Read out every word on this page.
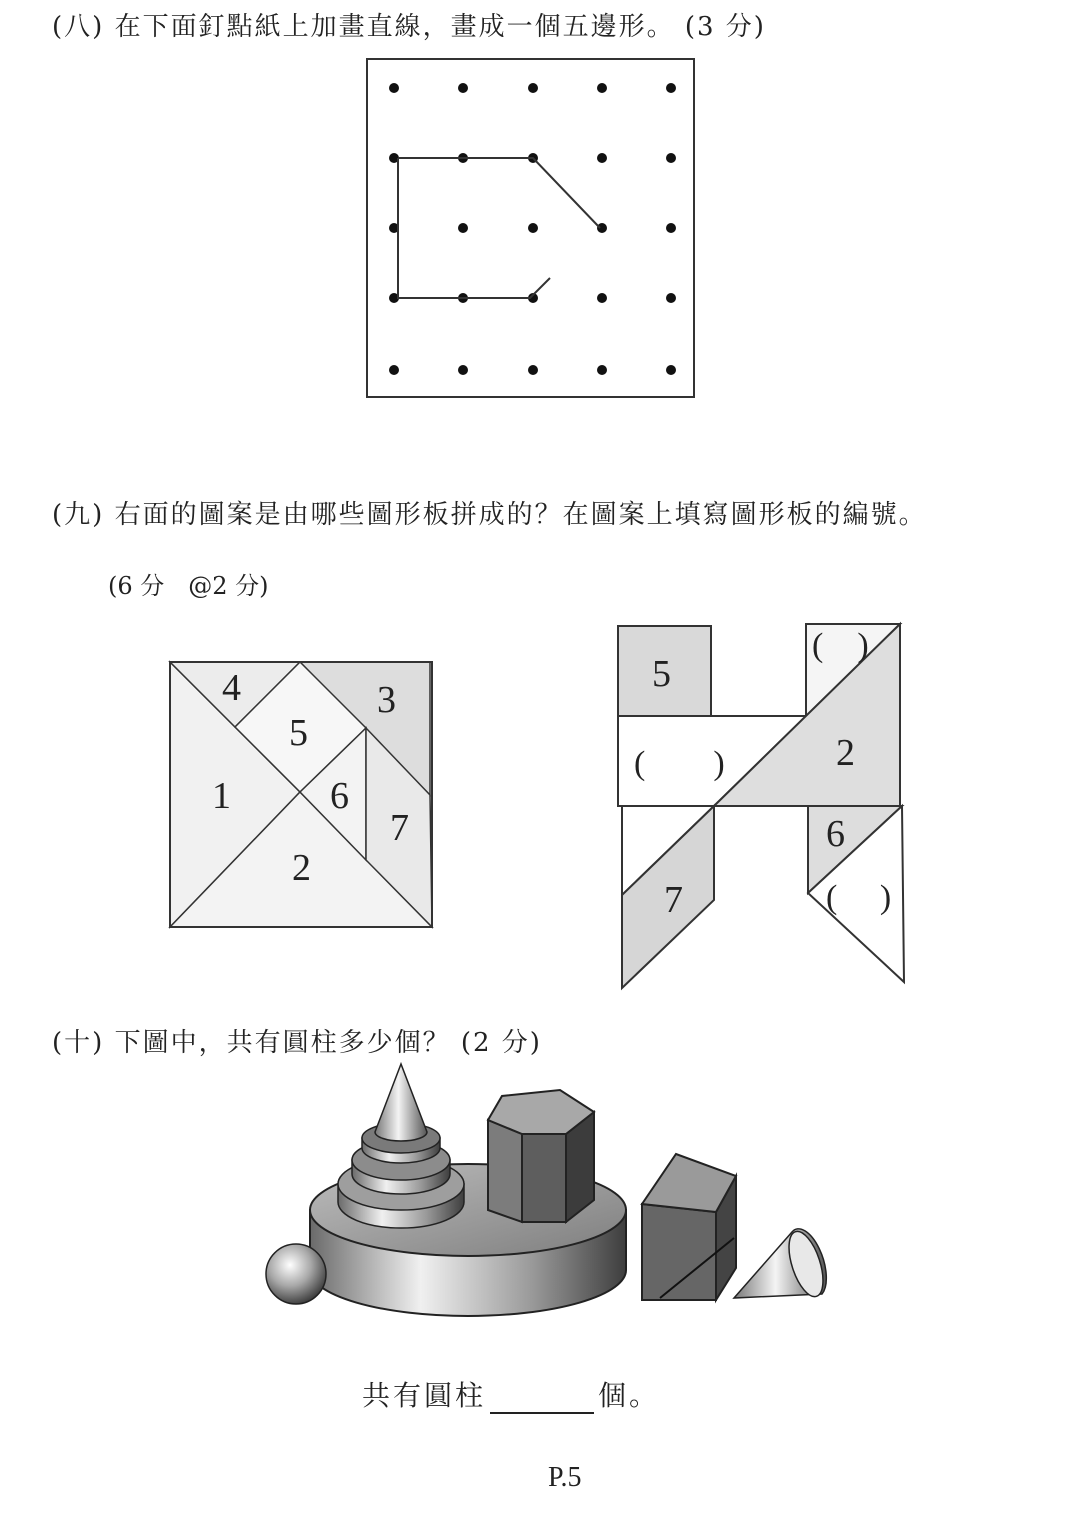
(八) 在下面釘點紙上加畫直線，畫成一個五邊形。 (3 分)
(九) 右面的圖案是由哪些圖形板拼成的？在圖案上填寫圖形板的編號。
(6 分　@2 分)
4	3
5
1	6
7
2
5
(　)
(　　)	2
6
(　 )
7
(十) 下圖中，共有圓柱多少個？ (2 分)
共有圓柱	個。
P.5
